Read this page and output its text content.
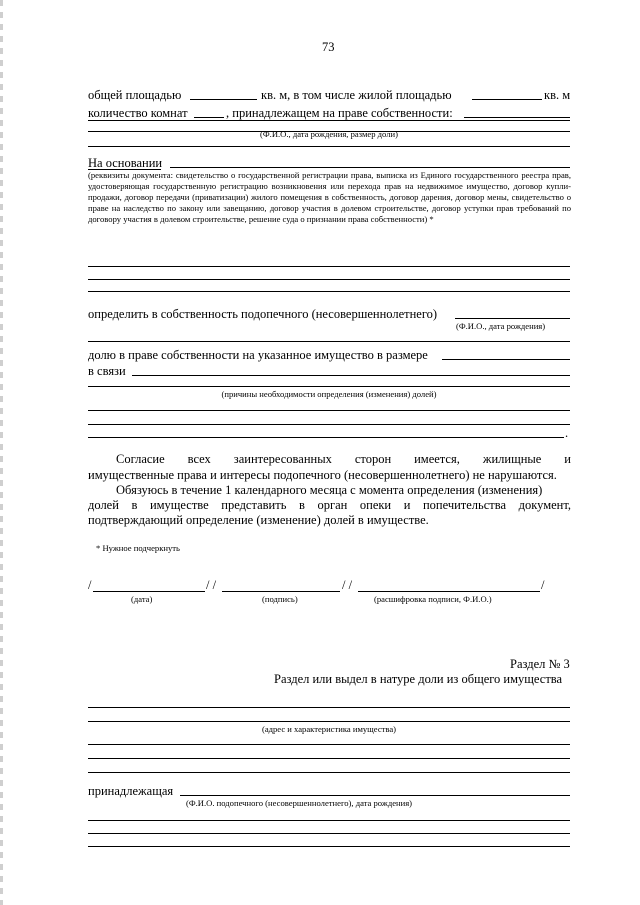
73
общей площадью	кв. м, в том числе жилой площадью	кв. м
количество комнат	, принадлежащем на праве собственности:
(Ф.И.О., дата рождения, размер доли)
На основании
(реквизиты документа: свидетельство о государственной регистрации права, выписка из Единого государственного реестра прав, удостоверяющая государственную регистрацию возникновения или перехода прав на недвижимое имущество, договор купли-продажи, договор передачи (приватизации) жилого помещения в собственность, договор дарения, договор мены, свидетельство о праве на наследство по закону или завещанию, договор участия в долевом строительстве, договор уступки прав требований по договору участия в долевом строительстве, решение суда о признании права собственности) *
определить в собственность подопечного (несовершеннолетнего)
(Ф.И.О., дата рождения)
долю в праве собственности на указанное имущество в размере
в связи
(причины необходимости определения (изменения) долей)
.
Согласие всех заинтересованных сторон имеется, жилищные и
имущественные права и интересы подопечного (несовершеннолетнего) не нарушаются.
Обязуюсь в течение 1 календарного месяца с момента определения (изменения)
долей в имуществе представить в орган опеки и попечительства документ,
подтверждающий определение (изменение) долей в имуществе.
* Нужное подчеркнуть
/	/ /	/ /	/
(дата)	(подпись)	(расшифровка подписи, Ф.И.О.)
Раздел № 3
Раздел или выдел в натуре доли из общего имущества
(адрес и характеристика имущества)
принадлежащая
(Ф.И.О. подопечного (несовершеннолетнего), дата рождения)
